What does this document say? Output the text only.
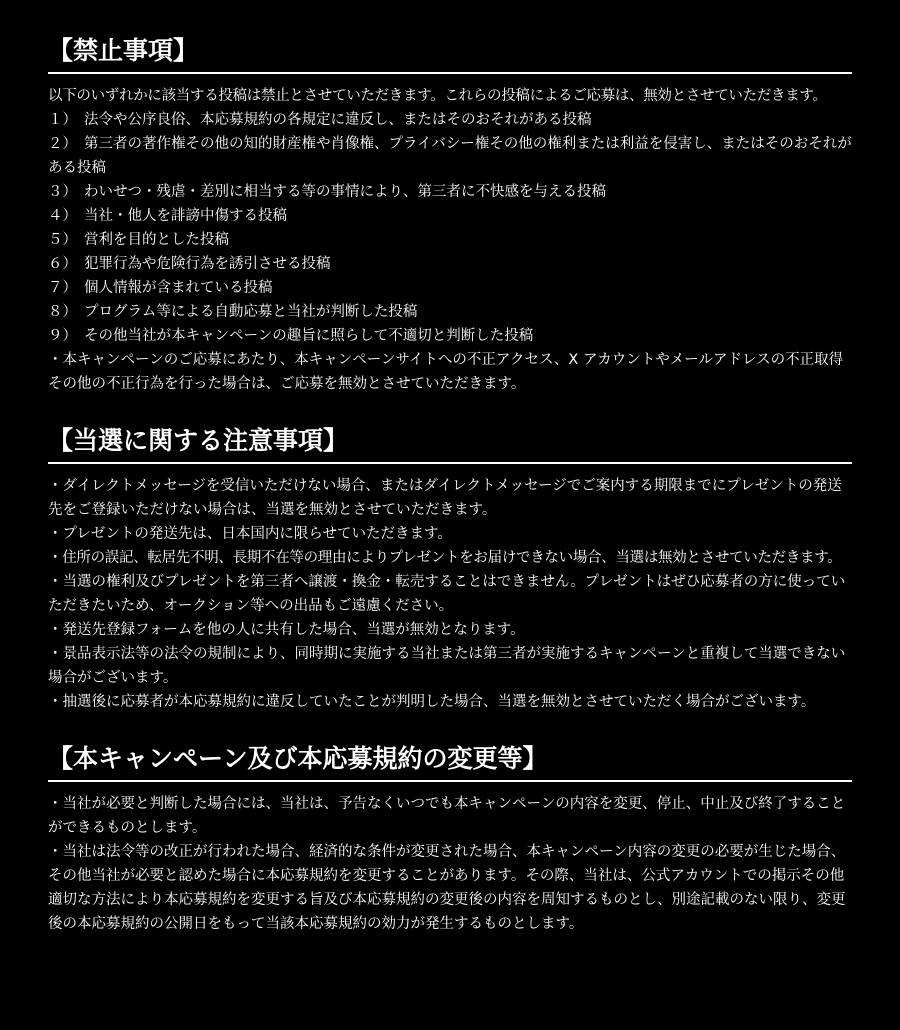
【禁止事項】

以下のいずれかに該当する投稿は禁止とさせていただきます。これらの投稿によるご応募は、無効とさせていただきます。

１） 法令や公序良俗、本応募規約の各規定に違反し、またはそのおそれがある投稿
２） 第三者の著作権その他の知的財産権や肖像権、プライバシー権その他の権利または利益を侵害し、またはそのおそれがある投稿
３） わいせつ・残虐・差別に相当する等の事情により、第三者に不快感を与える投稿
４） 当社・他人を誹謗中傷する投稿
５） 営利を目的とした投稿
６） 犯罪行為や危険行為を誘引させる投稿
７） 個人情報が含まれている投稿
８） プログラム等による自動応募と当社が判断した投稿
９） その他当社が本キャンペーンの趣旨に照らして不適切と判断した投稿

・本キャンペーンのご応募にあたり、本キャンペーンサイトへの不正アクセス、X アカウントやメールアドレスの不正取得その他の不正行為を行った場合は、ご応募を無効とさせていただきます。

【当選に関する注意事項】

・ダイレクトメッセージを受信いただけない場合、またはダイレクトメッセージでご案内する期限までにプレゼントの発送先をご登録いただけない場合は、当選を無効とさせていただきます。

・プレゼントの発送先は、日本国内に限らせていただきます。

・住所の誤記、転居先不明、長期不在等の理由によりプレゼントをお届けできない場合、当選は無効とさせていただきます。

・当選の権利及びプレゼントを第三者へ譲渡・換金・転売することはできません。プレゼントはぜひ応募者の方に使っていただきたいため、オークション等への出品もご遠慮ください。

・発送先登録フォームを他の人に共有した場合、当選が無効となります。

・景品表示法等の法令の規制により、同時期に実施する当社または第三者が実施するキャンペーンと重複して当選できない場合がございます。

・抽選後に応募者が本応募規約に違反していたことが判明した場合、当選を無効とさせていただく場合がございます。

【本キャンペーン及び本応募規約の変更等】

・当社が必要と判断した場合には、当社は、予告なくいつでも本キャンペーンの内容を変更、停止、中止及び終了することができるものとします。

・当社は法令等の改正が行われた場合、経済的な条件が変更された場合、本キャンペーン内容の変更の必要が生じた場合、その他当社が必要と認めた場合に本応募規約を変更することがあります。その際、当社は、公式アカウントでの掲示その他適切な方法により本応募規約を変更する旨及び本応募規約の変更後の内容を周知するものとし、別途記載のない限り、変更後の本応募規約の公開日をもって当該本応募規約の効力が発生するものとします。
